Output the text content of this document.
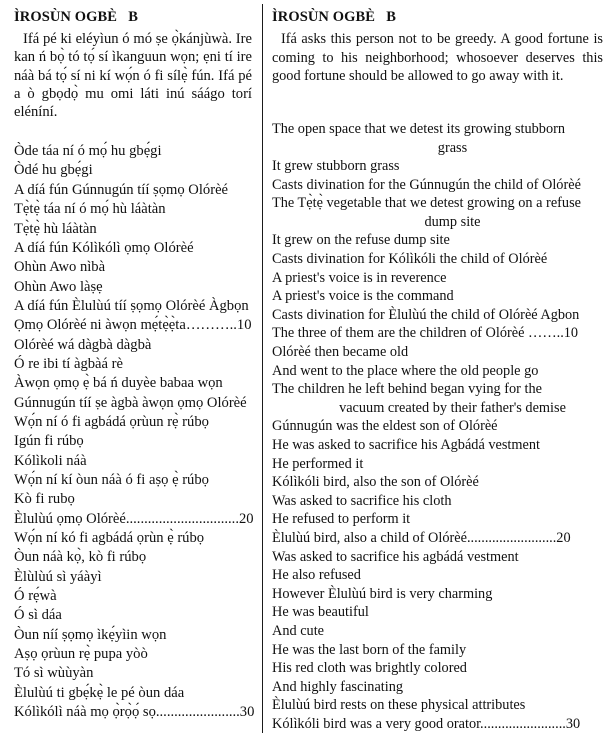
ÌROSÙN OGBÈ   B

Ifá pé ki eléyìun ó mó ṣe ọ̀kánjùwà. Ire kan ń bọ̀ tó tọ́ sí ìkanguun wọn; ẹni tí ire náà bá tọ́ sí ni kí wọ́n ó fi sílẹ̀ fún. Ifá pé a ò gbọdọ̀ mu omi láti inú sáágo torí eléníní.

Òde táa ní ó mọ́ hu gbẹ́gi
Òdé hu gbẹ́gi
A díá fún Gúnnugún tíí ṣọmọ Olórèé
Tẹ̀tẹ̀ táa ní ó mọ́ hù láàtàn
Tẹ̀tẹ̀ hù láàtàn
A díá fún Kólìkólì ọmọ Olórèé
Ohùn Awo nìbà
Ohùn Awo làṣẹ
A díá fún Èlulùú tíí ṣọmọ Olórèé Àgbọn
Ọmọ Olórèé ni àwọn mẹ́tẹ̀ẹ̀ta………..10
Olórèé wá dàgbà dàgbà
Ó re ibi tí àgbàá rè
Àwọn ọmọ ẹ̀ bá ń duyèe babaa wọn
Gúnnugún tíí ṣe àgbà àwọn ọmọ Olórèé
Wọ́n ní ó fi agbádá ọrùun rẹ̀ rúbọ
Igún fi rúbọ
Kólìkoli náà
Wọ́n ní kí òun náà ó fi aṣọ ẹ̀ rúbọ
Kò fi rubọ
Èlulùú ọmọ Olórèé...............................20
Wọ́n ní kó fi agbádá ọrùn ẹ̀ rúbọ
Òun náà kọ̀, kò fi rúbọ
Èlùlùú sì yáàyì
Ó rẹ́wà
Ó sì dáa
Òun níí ṣọmọ ìkẹ́yìin wọn
Aṣọ ọrùun rẹ̀ pupa yòò
Tó sì wùùyàn
Èlulùú ti gbẹ́kẹ̀ le pé òun dáa
Kólìkólì náà mọ ọ̀rọ̀ọ́ sọ.......................30
ÌROSÙN OGBÈ   B

Ifá asks this person not to be greedy. A good fortune is coming to his neighborhood; whosoever deserves this good fortune should be allowed to go away with it.

The open space that we detest its growing stubborn
grass
It grew stubborn grass
Casts divination for the Gúnnugún the child of Olórèé
The Tẹ̀tẹ̀ vegetable that we detest growing on a refuse
dump site
It grew on the refuse dump site
Casts divination for Kólìkóli the child of Olórèé
A priest's voice is in reverence
A priest's voice is the command
Casts divination for Èlulùú the child of Olórèé Agbon
The three of them are the children of Olórèé ……..10
Olórèé then became old
And went to the place where the old people go
The children he left behind began vying for the
vacuum created by their father's demise
Gúnnugún was the eldest son of Olórèé
He was asked to sacrifice his Agbádá vestment
He performed it
Kólìkóli bird, also the son of Olórèé
Was asked to sacrifice his cloth
He refused to perform it
Èlulùú bird, also a child of Olórèé.........................20
Was asked to sacrifice his agbádá vestment
He also refused
However Èlulùú bird is very charming
He was beautiful
And cute
He was the last born of the family
His red cloth was brightly colored
And highly fascinating
Èlulùú bird rests on these physical attributes
Kólìkóli bird was a very good orator........................30
